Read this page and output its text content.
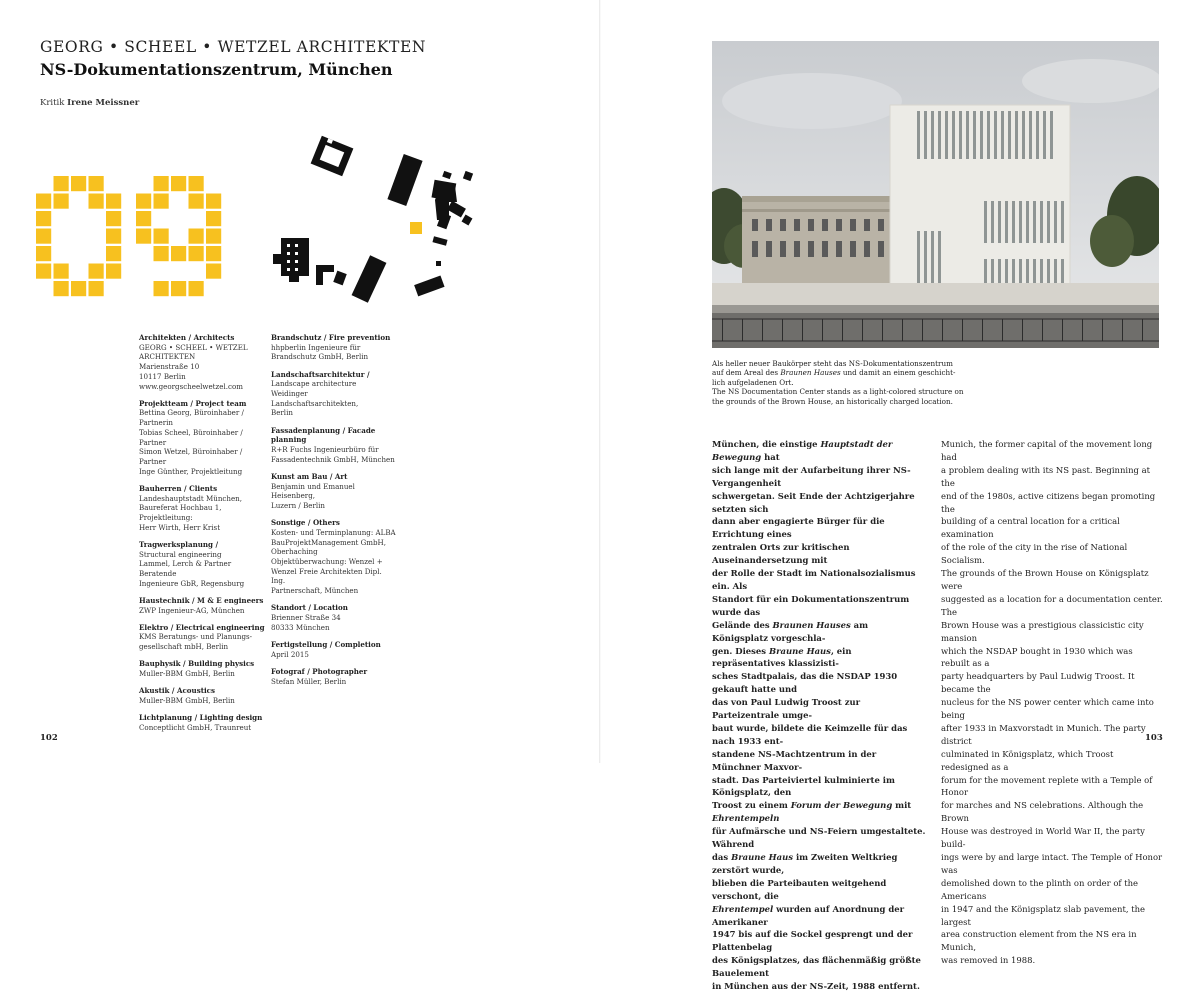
GEORG • SCHEEL • WETZEL ARCHITEKTEN
NS-Dokumentationszentrum, München
Kritik Irene Meissner
Architekten / Architects
GEORG • SCHEEL • WETZEL
ARCHITEKTEN
Marienstraße 10
10117 Berlin
www.georgscheelwetzel.com
Projektteam / Project team
Bettina Georg, Büroinhaber / Partnerin
Tobias Scheel, Büroinhaber / Partner
Simon Wetzel, Büroinhaber / Partner
Inge Günther, Projektleitung
Bauherren / Clients
Landeshauptstadt München,
Baureferat Hochbau 1, Projektleitung:
Herr Wirth, Herr Krist
Tragwerksplanung /
Structural engineering
Lammel, Lerch & Partner Beratende
Ingenieure GbR, Regensburg
Haustechnik / M & E engineers
ZWP Ingenieur-AG, München
Elektro / Electrical engineering
KMS Beratungs- und Planungs-
gesellschaft mbH, Berlin
Bauphysik / Building physics
Muller-BBM GmbH, Berlin
Akustik / Acoustics
Muller-BBM GmbH, Berlin
Lichtplanung / Lighting design
Conceptlicht GmbH, Traunreut
Brandschutz / Fire prevention
hhpberlin Ingenieure für
Brandschutz GmbH, Berlin
Landschaftsarchitektur /
Landscape architecture
Weidinger Landschaftsarchitekten,
Berlin
Fassadenplanung / Facade planning
R+R Fuchs Ingenieurbüro für
Fassadentechnik GmbH, München
Kunst am Bau / Art
Benjamin und Emanuel Heisenberg,
Luzern / Berlin
Sonstige / Others
Kosten- und Terminplanung: ALBA
BauProjektManagement GmbH,
Oberhaching
Objektüberwachung: Wenzel +
Wenzel Freie Architekten Dipl. Ing.
Partnerschaft, München
Standort / Location
Brienner Straße 34
80333 München
Fertigstellung / Completion
April 2015
Fotograf / Photographer
Stefan Müller, Berlin
102
Als heller neuer Baukörper steht das NS-Dokumentationszentrum
auf dem Areal des Braunen Hauses und damit an einem geschicht-
lich aufgeladenen Ort.
The NS Documentation Center stands as a light-colored structure on
the grounds of the Brown House, an historically charged location.
München, die einstige Hauptstadt der Bewegung hat
sich lange mit der Aufarbeitung ihrer NS-Vergangenheit
schwergetan. Seit Ende der Achtzigerjahre setzten sich
dann aber engagierte Bürger für die Errichtung eines
zentralen Orts zur kritischen Auseinandersetzung mit
der Rolle der Stadt im Nationalsozialismus ein. Als
Standort für ein Dokumentationszentrum wurde das
Gelände des Braunen Hauses am Königsplatz vorgeschla-
gen. Dieses Braune Haus, ein repräsentatives klassizisti-
sches Stadtpalais, das die NSDAP 1930 gekauft hatte und
das von Paul Ludwig Troost zur Parteizentrale umge-
baut wurde, bildete die Keimzelle für das nach 1933 ent-
standene NS-Machtzentrum in der Münchner Maxvor-
stadt. Das Parteiviertel kulminierte im Königsplatz, den
Troost zu einem Forum der Bewegung mit Ehrentempeln
für Aufmärsche und NS-Feiern umgestaltete. Während
das Braune Haus im Zweiten Weltkrieg zerstört wurde,
blieben die Parteibauten weitgehend verschont, die
Ehrentempel wurden auf Anordnung der Amerikaner
1947 bis auf die Sockel gesprengt und der Plattenbelag
des Königsplatzes, das flächenmäßig größte Bauelement
in München aus der NS-Zeit, 1988 entfernt.
Munich, the former capital of the movement long had
a problem dealing with its NS past. Beginning at the
end of the 1980s, active citizens began promoting the
building of a central location for a critical examination
of the role of the city in the rise of National Socialism.
The grounds of the Brown House on Königsplatz were
suggested as a location for a documentation center. The
Brown House was a prestigious classicistic city mansion
which the NSDAP bought in 1930 which was rebuilt as a
party headquarters by Paul Ludwig Troost. It became the
nucleus for the NS power center which came into being
after 1933 in Maxvorstadt in Munich. The party district
culminated in Königsplatz, which Troost redesigned as a
forum for the movement replete with a Temple of Honor
for marches and NS celebrations. Although the Brown
House was destroyed in World War II, the party build-
ings were by and large intact. The Temple of Honor was
demolished down to the plinth on order of the Americans
in 1947 and the Königsplatz slab pavement, the largest
area construction element from the NS era in Munich,
was removed in 1988.
103
